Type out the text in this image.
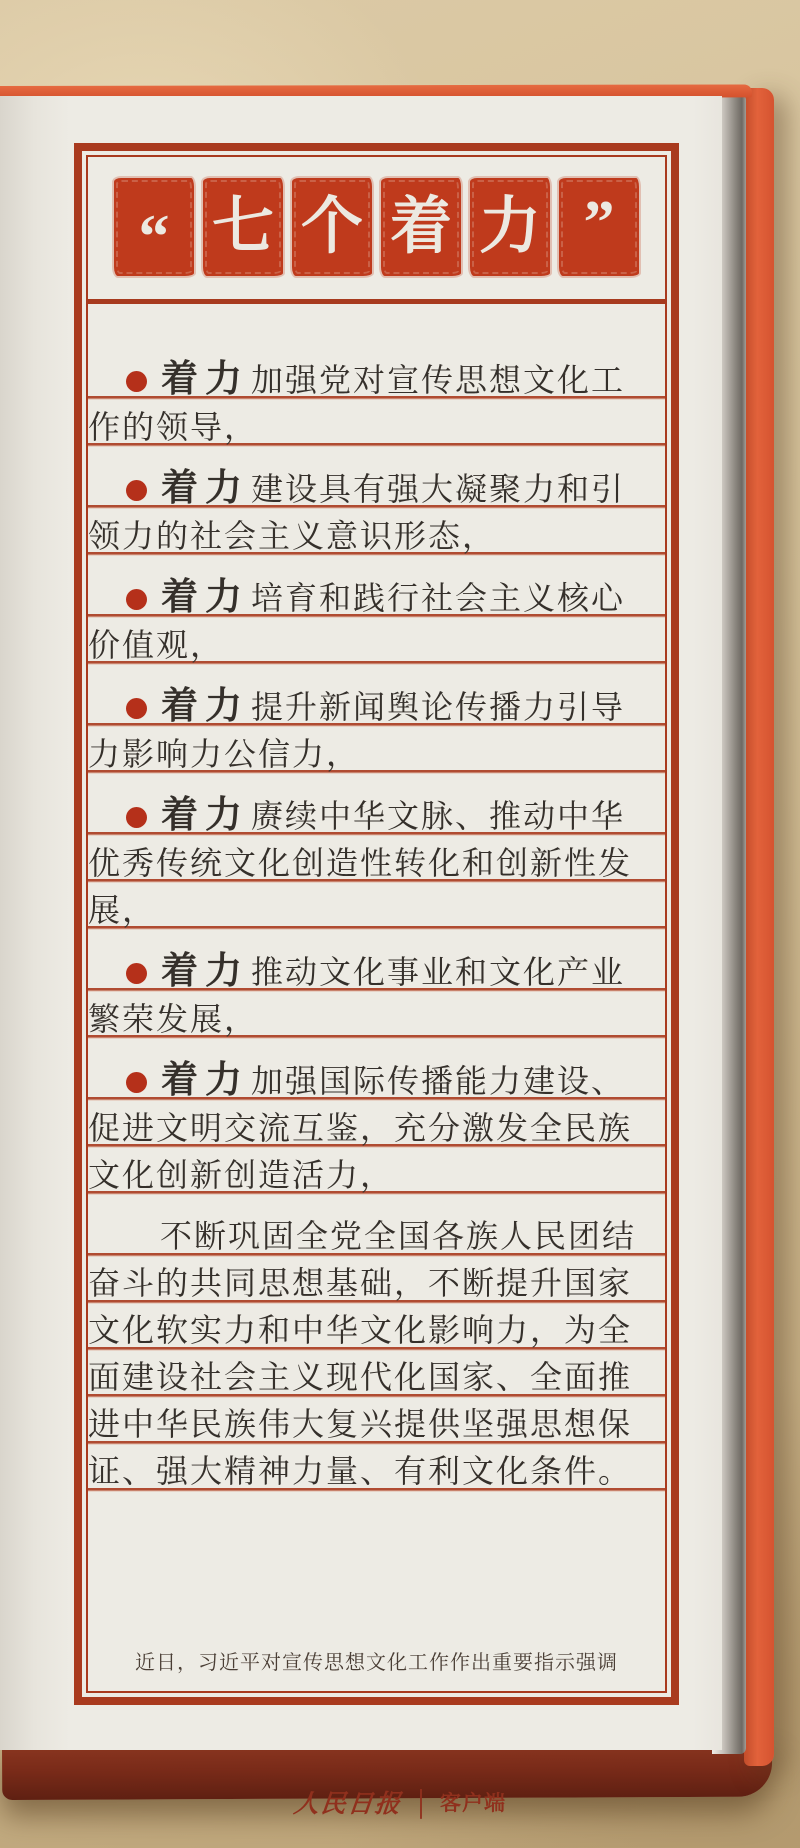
“ 七 个 着 力 ”

着力加强党对宣传思想文化工作的领导，

着力建设具有强大凝聚力和引领力的社会主义意识形态，

着力培育和践行社会主义核心价值观，

着力提升新闻舆论传播力引导力影响力公信力，

着力赓续中华文脉、推动中华优秀传统文化创造性转化和创新性发展，

着力推动文化事业和文化产业繁荣发展，

着力加强国际传播能力建设、促进文明交流互鉴，充分激发全民族文化创新创造活力，

不断巩固全党全国各族人民团结奋斗的共同思想基础，不断提升国家文化软实力和中华文化影响力，为全面建设社会主义现代化国家、全面推进中华民族伟大复兴提供坚强思想保证、强大精神力量、有利文化条件。

近日，习近平对宣传思想文化工作作出重要指示强调
人民日报 ｜ 客户端
